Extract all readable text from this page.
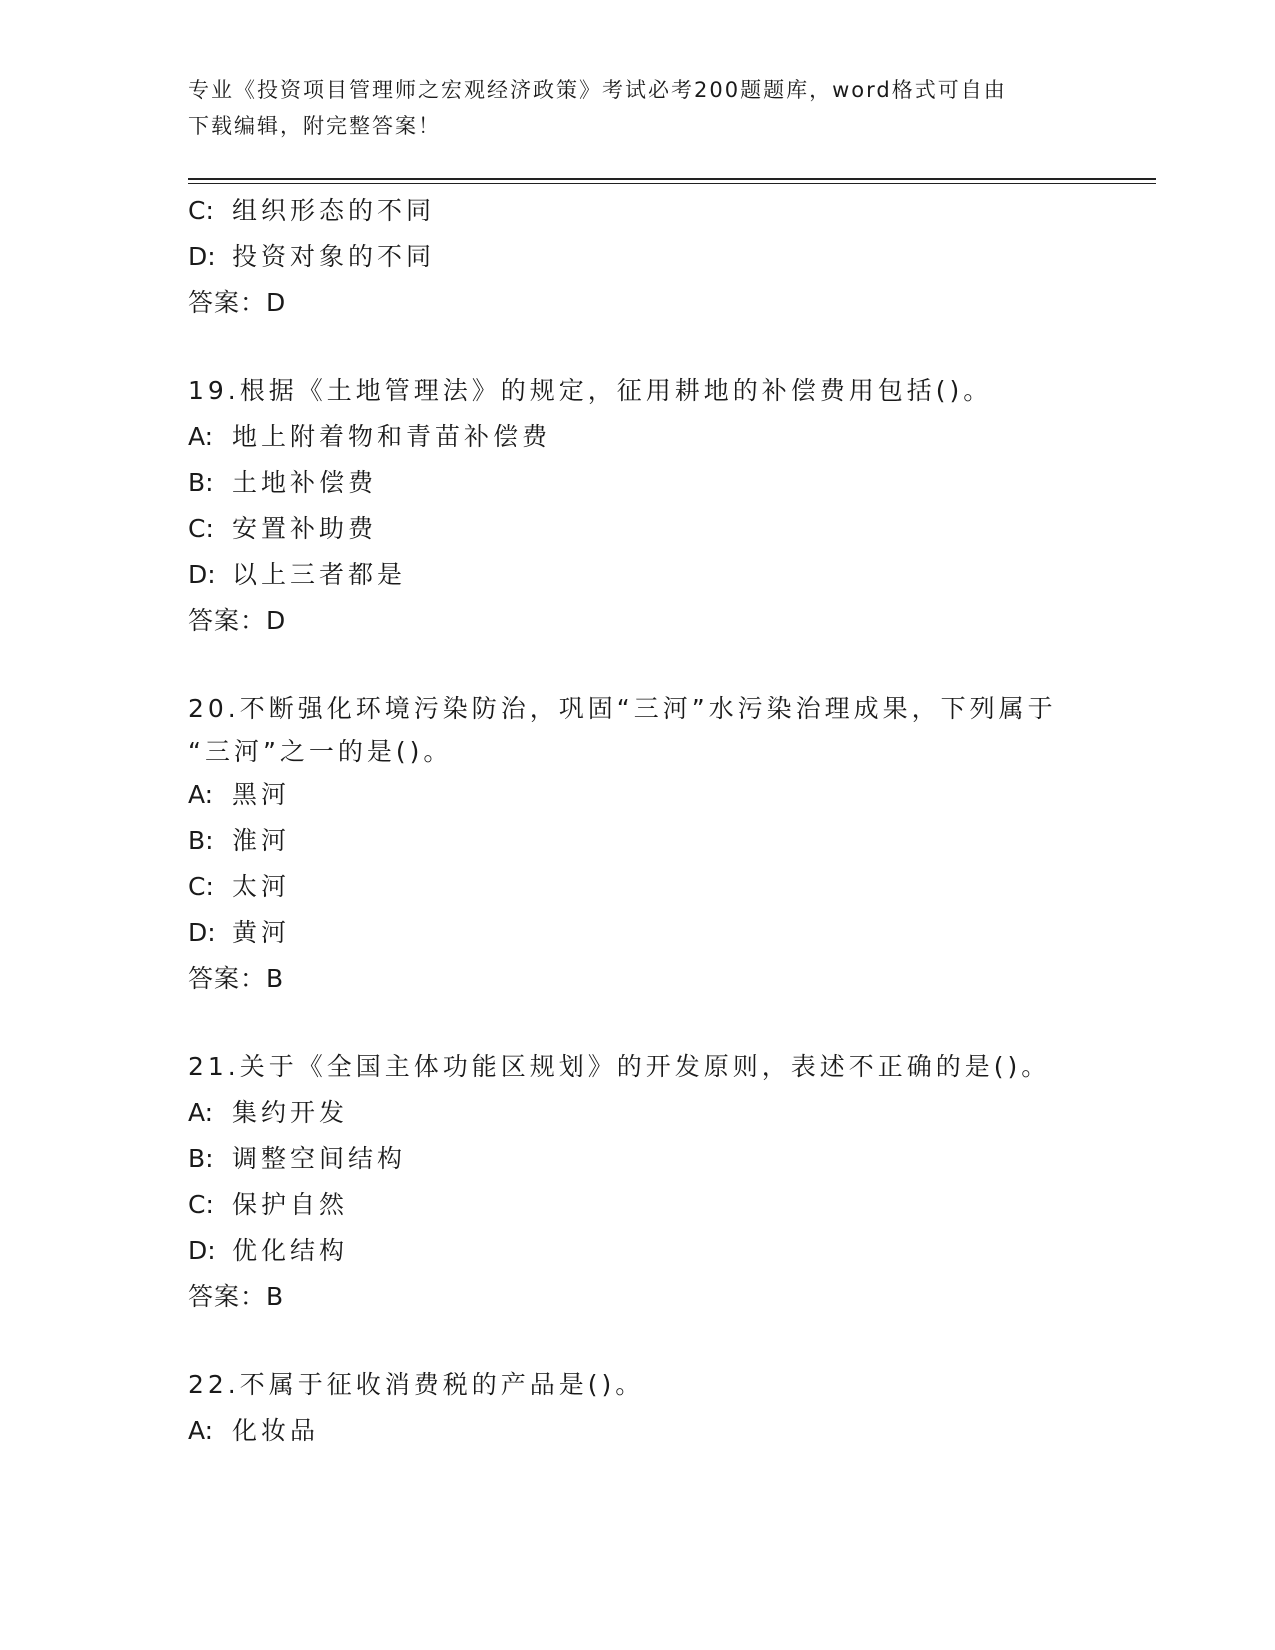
专业《投资项目管理师之宏观经济政策》考试必考200题题库，word格式可自由
下载编辑，附完整答案！
C: 组织形态的不同
D: 投资对象的不同
答案：D
19.根据《土地管理法》的规定，征用耕地的补偿费用包括()。
A: 地上附着物和青苗补偿费
B: 土地补偿费
C: 安置补助费
D: 以上三者都是
答案：D
20.不断强化环境污染防治，巩固“三河”水污染治理成果，下列属于
“三河”之一的是()。
A: 黑河
B: 淮河
C: 太河
D: 黄河
答案：B
21.关于《全国主体功能区规划》的开发原则，表述不正确的是()。
A: 集约开发
B: 调整空间结构
C: 保护自然
D: 优化结构
答案：B
22.不属于征收消费税的产品是()。
A: 化妆品
